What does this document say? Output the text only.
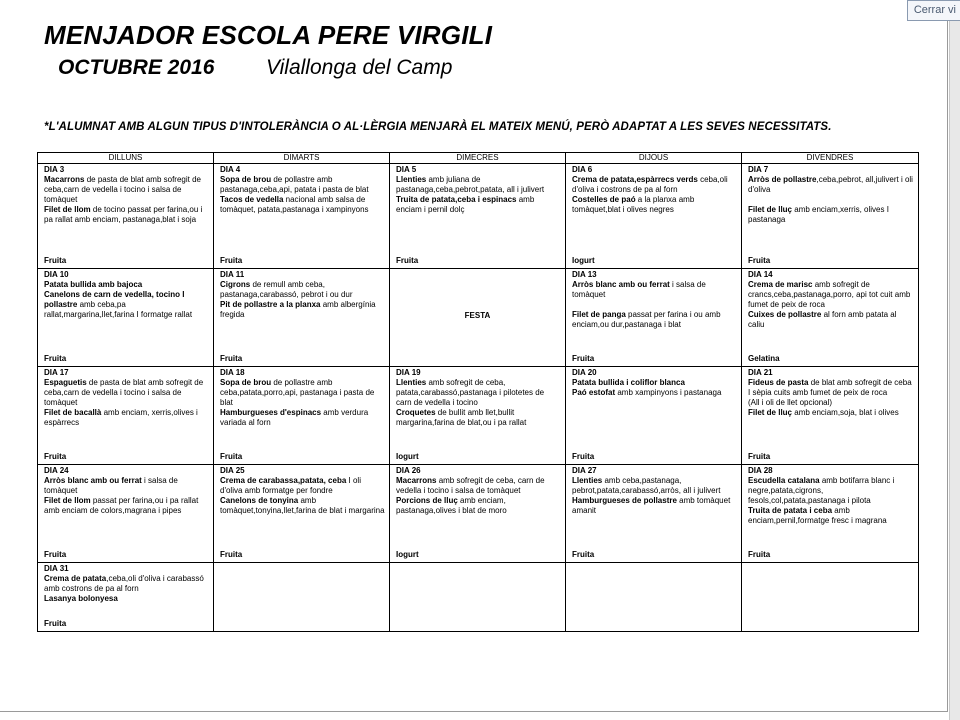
Cerrar vi
MENJADOR ESCOLA PERE VIRGILI
OCTUBRE 2016 Vilallonga del Camp
*L'ALUMNAT AMB ALGUN TIPUS D'INTOLERÀNCIA O AL·LÈRGIA MENJARÀ EL MATEIX MENÚ, PERÒ ADAPTAT A LES SEVES NECESSITATS.
DILLUNS	DIMARTS	DIMECRES	DIJOUS	DIVENDRES

DIA 3
Macarrons de pasta de blat amb sofregit de ceba,carn de vedella i tocino i salsa de tomàquet
Filet de llom de tocino passat per farina,ou i pa rallat amb enciam, pastanaga,blat i soja
Fruita	DIA 4
Sopa de brou de pollastre amb pastanaga,ceba,api, patata i pasta de blat
Tacos de vedella nacional amb salsa de tomàquet, patata,pastanaga i xampinyons
Fruita	DIA 5
Llenties amb juliana de pastanaga,ceba,pebrot,patata, all i julivert
Truita de patata,ceba i espinacs amb enciam i pernil dolç
Fruita	DIA 6
Crema de patata,espàrrecs verds ceba,oli d'oliva i costrons de pa al forn
Costelles de paó a la planxa amb tomàquet,blat i olives negres
Iogurt	DIA 7
Arròs de pollastre,ceba,pebrot, all,julivert i oli d'oliva
Filet de lluç amb enciam,xerris, olives I pastanaga
Fruita

DIA 10
Patata bullida amb bajoca
Canelons de carn de vedella, tocino I pollastre amb ceba,pa rallat,margarina,llet,farina I formatge rallat
Fruita	DIA 11
Cigrons de remull amb ceba, pastanaga,carabassó, pebrot i ou dur
Pit de pollastre a la planxa amb albergínia fregida
Fruita	FESTA	DIA 13
Arròs blanc amb ou ferrat i salsa de tomàquet
Filet de panga passat per farina i ou amb enciam,ou dur,pastanaga i blat
Fruita	DIA 14
Crema de marisc amb sofregit de crancs,ceba,pastanaga,porro, api tot cuit amb fumet de peix de roca
Cuixes de pollastre al forn amb patata al caliu
Gelatina

DIA 17
Espaguetis de pasta de blat amb sofregit de ceba,carn de vedella i tocino i salsa de tomàquet
Filet de bacallà amb enciam, xerris,olives i espàrrecs
Fruita	DIA 18
Sopa de brou de pollastre amb ceba,patata,porro,api, pastanaga i pasta de blat
Hamburgueses d'espinacs amb verdura variada al forn
Fruita	DIA 19
Llenties amb sofregit de ceba, patata,carabassó,pastanaga i pilotetes de carn de vedella i tocino
Croquetes de bullit amb llet,bullit margarina,farina de blat,ou i pa rallat
Iogurt	DIA 20
Patata bullida i coliflor blanca
Paó estofat amb xampinyons i pastanaga
Fruita	DIA 21
Fideus de pasta de blat amb sofregit de ceba I sèpia cuits amb fumet de peix de roca
(All i oli de llet opcional)
Filet de lluç amb enciam,soja, blat i olives
Fruita

DIA 24
Arròs blanc amb ou ferrat i salsa de tomàquet
Filet de llom passat per farina,ou i pa rallat amb enciam de colors,magrana i pipes
Fruita	DIA 25
Crema de carabassa,patata, ceba I oli d'oliva amb formatge per fondre
Canelons de tonyina amb tomàquet,tonyina,llet,farina de blat i margarina
Fruita	DIA 26
Macarrons amb sofregit de ceba, carn de vedella i tocino i salsa de tomàquet
Porcions de lluç amb enciam, pastanaga,olives i blat de moro
Iogurt	DIA 27
Llenties amb ceba,pastanaga, pebrot,patata,carabassó,arròs, all i julivert
Hamburgueses de pollastre amb tomàquet amanit
Fruita	DIA 28
Escudella catalana amb botifarra blanc i negre,patata,cigrons, fesols,col,patata,pastanaga i pilota
Truita de patata i ceba amb enciam,pernil,formatge fresc i magrana
Fruita

DIA 31
Crema de patata,ceba,oli d'oliva i carabassó amb costrons de pa al forn
Lasanya bolonyesa
Fruita				
